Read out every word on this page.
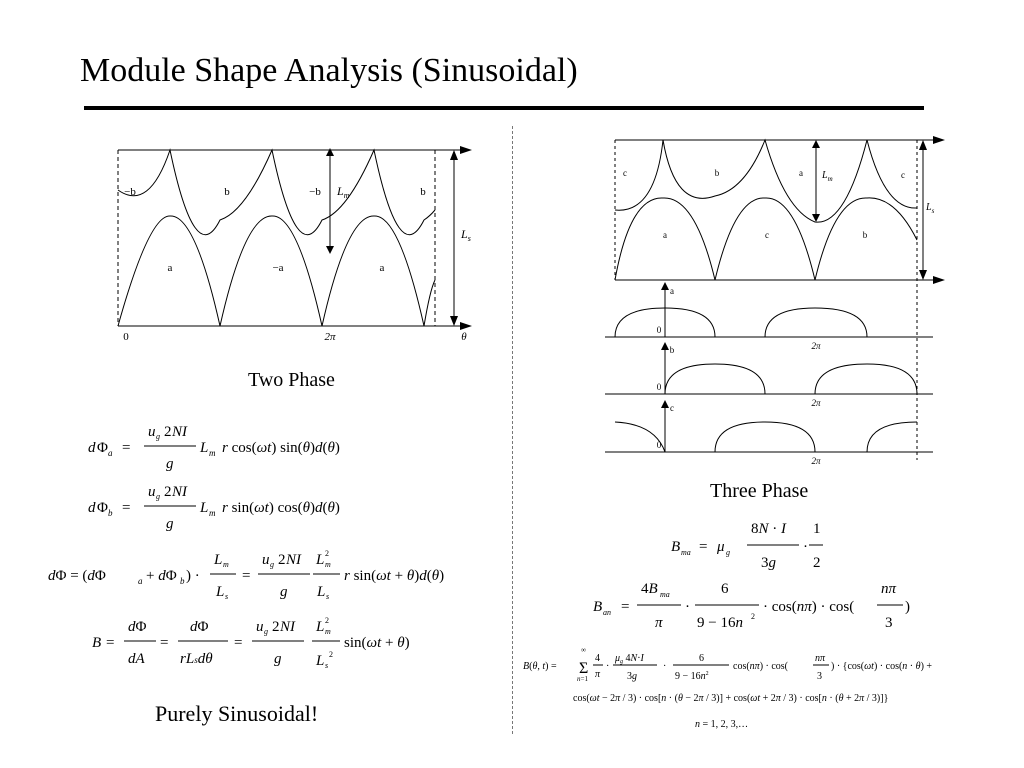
Module Shape Analysis (Sinusoidal)
−b	b	−b	b
a	−a	a
0	2π	θ
$L_m$
$L_s$
Two Phase
c	b	a	c
a	c	b
a
0
2π
b
0
2π
c
0
2π
$L_m$
$L_s$
Three Phase
d Φ a =
u g 2 NI
g
L m r cos(ωt) sin(θ)d(θ)
d Φ b =
u g 2 NI
g
L m r sin(ωt) cos(θ)d(θ)
dΦ = (dΦ	a + dΦ b ) ·
L m
L s
=
u g 2 NI
g
L m
2
L s
r sin(ωt + θ)d(θ)
B =
dΦ
dA
=
dΦ
rLsdθ
=
u g 2 NI
g
L m
2
L s
2
sin(ωt + θ)
B ma = μ g
8N · I
3g
·
1
2
B an =
4B ma
π
·
6
9 − 16n 2
· cos(nπ) · cos(
nπ
3
)
B(θ, t) = Σ
∞
n=1
4
π
·
$\mu_g$ 4N·I
3g
·
6
$9 - 16n^2$
cos(nπ) · cos(
nπ
3
) · {cos(ωt) · cos(n · θ) +
cos(ωt − 2π / 3) · cos[n · (θ − 2π / 3)] + cos(ωt + 2π / 3) · cos[n · (θ + 2π / 3)]}
n = 1, 2, 3,…
Purely Sinusoidal!
